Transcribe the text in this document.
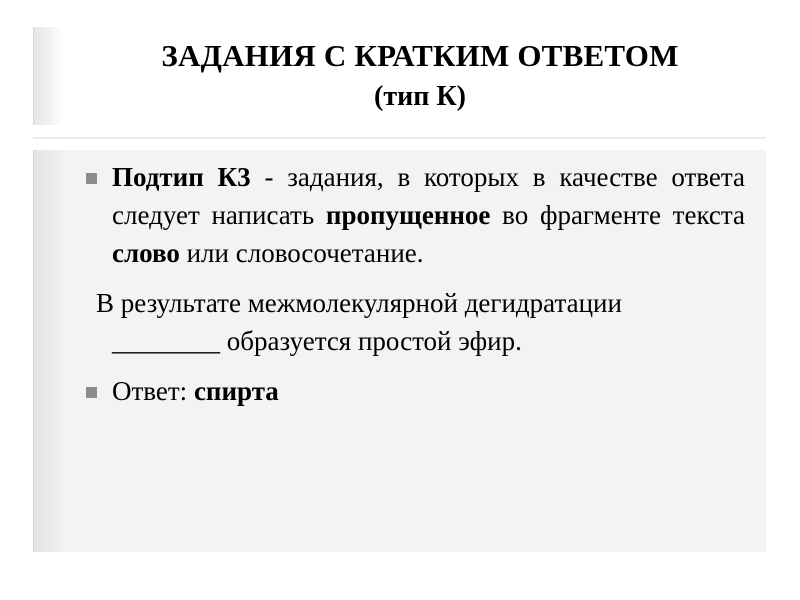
ЗАДАНИЯ С КРАТКИМ ОТВЕТОМ
(тип К)
Подтип К3 - задания, в которых в качестве ответа следует написать пропущенное во фрагменте текста слово или словосочетание.
В результате межмолекулярной дегидратации ________ образуется простой эфир.
Ответ: спирта
